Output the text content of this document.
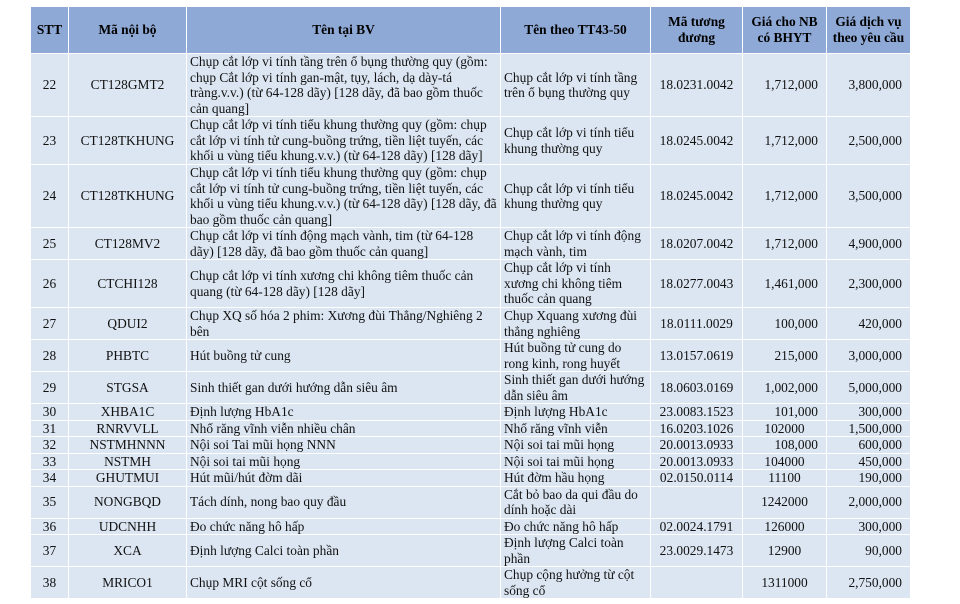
STT	Mã nội bộ	Tên tại BV	Tên theo TT43-50	Mã tương đương	Giá cho NB có BHYT	Giá dịch vụ theo yêu cầu
22	CT128GMT2	Chụp cắt lớp vi tính tầng trên ổ bụng thường quy (gồm: chụp Cắt lớp vi tính gan-mật, tụy, lách, dạ dày-tá tràng.v.v.) (từ 64-128 dãy) [128 dãy, đã bao gồm thuốc cản quang]	Chụp cắt lớp vi tính tầng trên ổ bụng thường quy	18.0231.0042	1,712,000	3,800,000
23	CT128TKHUNG	Chụp cắt lớp vi tính tiểu khung thường quy (gồm: chụp cắt lớp vi tính tử cung-buồng trứng, tiền liệt tuyến, các khối u vùng tiểu khung.v.v.) (từ 64-128 dãy) [128 dãy]	Chụp cắt lớp vi tính tiểu khung thường quy	18.0245.0042	1,712,000	2,500,000
24	CT128TKHUNG	Chụp cắt lớp vi tính tiểu khung thường quy (gồm: chụp cắt lớp vi tính tử cung-buồng trứng, tiền liệt tuyến, các khối u vùng tiểu khung.v.v.) (từ 64-128 dãy) [128 dãy, đã bao gồm thuốc cản quang]	Chụp cắt lớp vi tính tiểu khung thường quy	18.0245.0042	1,712,000	3,500,000
25	CT128MV2	Chụp cắt lớp vi tính động mạch vành, tim (từ 64-128 dãy) [128 dãy, đã bao gồm thuốc cản quang]	Chụp cắt lớp vi tính động mạch vành, tim	18.0207.0042	1,712,000	4,900,000
26	CTCHI128	Chụp cắt lớp vi tính xương chi không tiêm thuốc cản quang (từ 64-128 dãy) [128 dãy]	Chụp cắt lớp vi tính xương chi không tiêm thuốc cản quang	18.0277.0043	1,461,000	2,300,000
27	QDUI2	Chụp XQ số hóa 2 phim: Xương đùi Thẳng/Nghiêng 2 bên	Chụp Xquang xương đùi thẳng nghiêng	18.0111.0029	100,000	420,000
28	PHBTC	Hút buồng tử cung	Hút buồng tử cung do rong kinh, rong huyết	13.0157.0619	215,000	3,000,000
29	STGSA	Sinh thiết gan dưới hướng dẫn siêu âm	Sinh thiết gan dưới hướng dẫn siêu âm	18.0603.0169	1,002,000	5,000,000
30	XHBA1C	Định lượng HbA1c	Định lượng HbA1c	23.0083.1523	101,000	300,000
31	RNRVVLL	Nhổ răng vĩnh viễn nhiều chân	Nhổ răng vĩnh viễn	16.0203.1026	102000	1,500,000
32	NSTMHNNN	Nội soi Tai mũi họng NNN	Nội soi tai mũi họng	20.0013.0933	108,000	600,000
33	NSTMH	Nội soi tai mũi họng	Nội soi tai mũi họng	20.0013.0933	104000	450,000
34	GHUTMUI	Hút mũi/hút đờm dãi	Hút đờm hầu họng	02.0150.0114	11100	190,000
35	NONGBQD	Tách dính, nong bao quy đầu	Cắt bỏ bao da qui đầu do dính hoặc dài		1242000	2,000,000
36	UDCNHH	Đo chức năng hô hấp	Đo chức năng hô hấp	02.0024.1791	126000	300,000
37	XCA	Định lượng Calci toàn phần	Định lượng Calci toàn phần	23.0029.1473	12900	90,000
38	MRICO1	Chụp MRI cột sống cổ	Chụp cộng hưởng từ cột sống cổ		1311000	2,750,000
